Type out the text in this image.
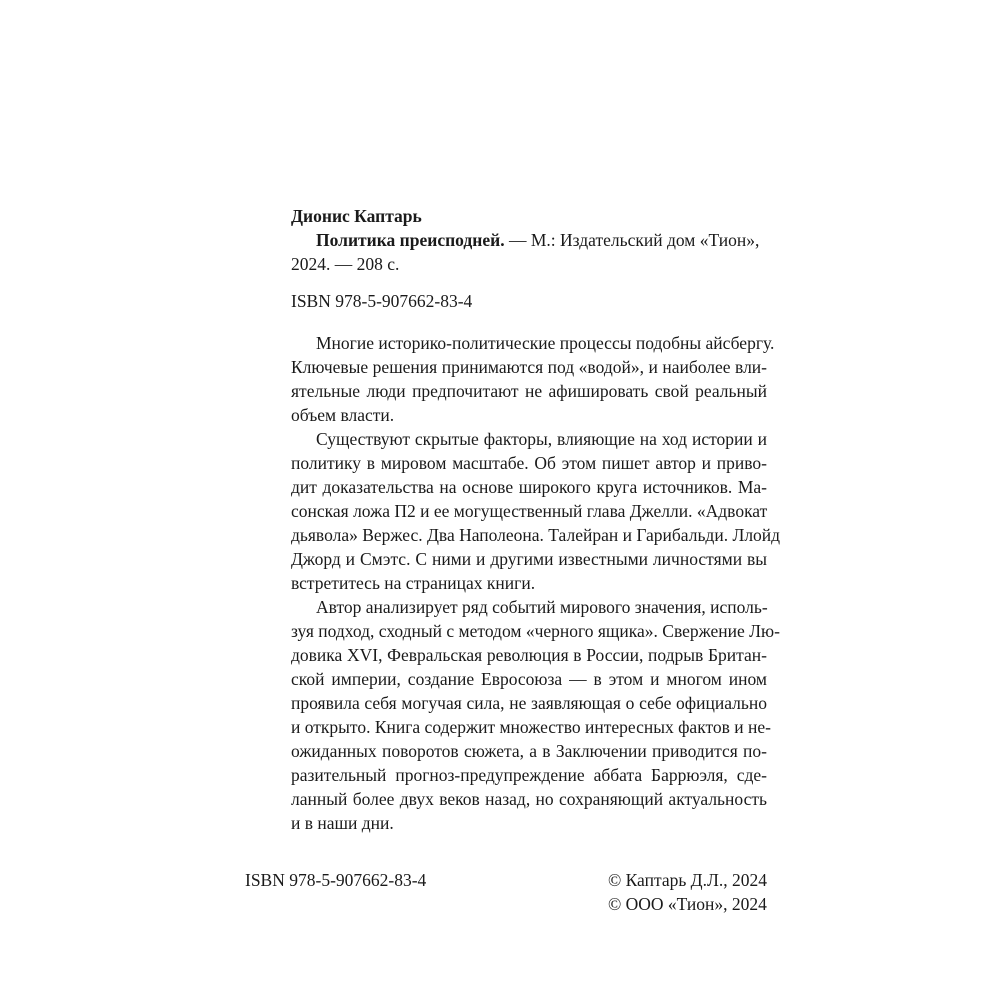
Дионис Каптарь
Политика преисподней. — М.: Издательский дом «Тион»,
2024. — 208 с.
ISBN 978-5-907662-83-4
Многие историко-политические процессы подобны айсбергу.
Ключевые решения принимаются под «водой», и наиболее вли-
ятельные люди предпочитают не афишировать свой реальный
объем власти.
Существуют скрытые факторы, влияющие на ход истории и
политику в мировом масштабе. Об этом пишет автор и приво-
дит доказательства на основе широкого круга источников. Ма-
сонская ложа П2 и ее могущественный глава Джелли. «Адвокат
дьявола» Вержес. Два Наполеона. Талейран и Гарибальди. Ллойд
Джорд и Смэтс. С ними и другими известными личностями вы
встретитесь на страницах книги.
Автор анализирует ряд событий мирового значения, исполь-
зуя подход, сходный с методом «черного ящика». Свержение Лю-
довика XVI, Февральская революция в России, подрыв Британ-
ской империи, создание Евросоюза — в этом и многом ином
проявила себя могучая сила, не заявляющая о себе официально
и открыто. Книга содержит множество интересных фактов и не-
ожиданных поворотов сюжета, а в Заключении приводится по-
разительный прогноз-предупреждение аббата Баррюэля, сде-
ланный более двух веков назад, но сохраняющий актуальность
и в наши дни.
ISBN 978-5-907662-83-4	© Каптарь Д.Л., 2024
© ООО «Тион», 2024
